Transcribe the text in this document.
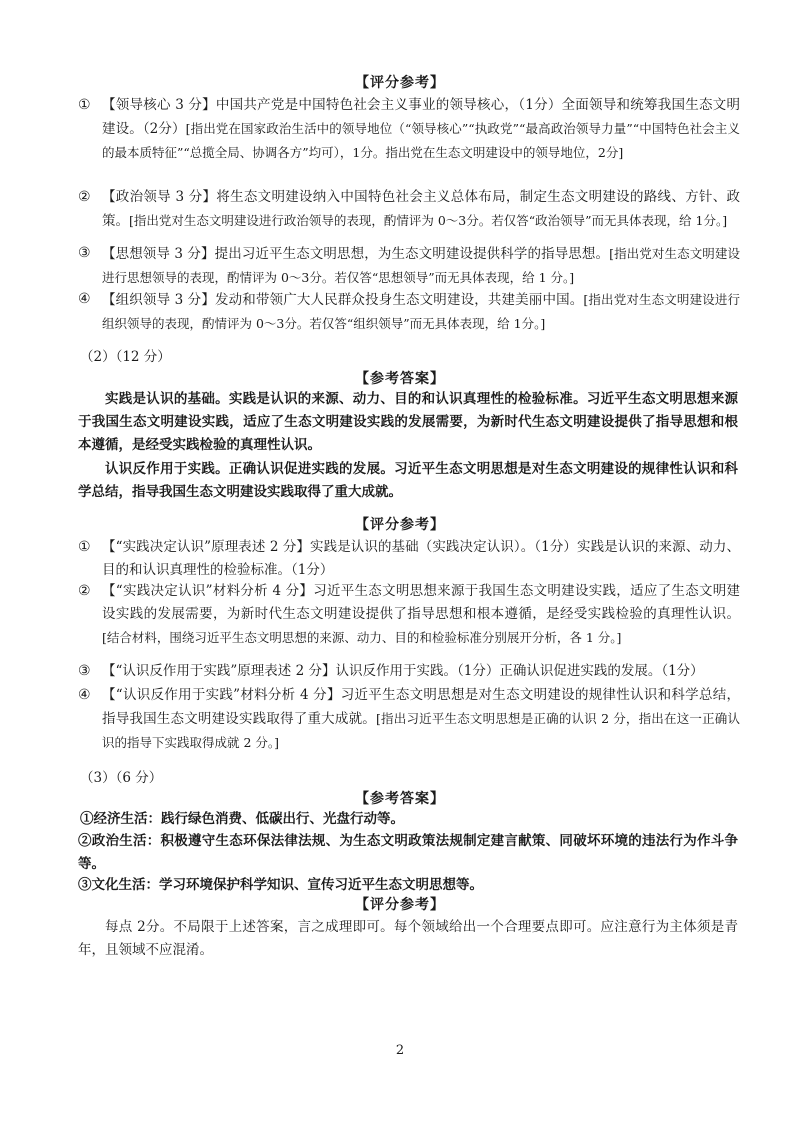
【评分参考】
① 【领导核心 3 分】中国共产党是中国特色社会主义事业的领导核心，（1分）全面领导和统筹我国生态文明建设。（2分）[指出党在国家政治生活中的领导地位（“领导核心”“执政党”“最高政治领导力量”“中国特色社会主义的最本质特征”“总揽全局、协调各方”均可），1分。指出党在生态文明建设中的领导地位，2分]
② 【政治领导 3 分】将生态文明建设纳入中国特色社会主义总体布局，制定生态文明建设的路线、方针、政策。[指出党对生态文明建设进行政治领导的表现，酌情评为 0～3分。若仅答“政治领导”而无具体表现，给 1分。]
③ 【思想领导 3 分】提出习近平生态文明思想，为生态文明建设提供科学的指导思想。[指出党对生态文明建设进行思想领导的表现，酌情评为 0～3分。若仅答“思想领导”而无具体表现，给 1 分。]
④ 【组织领导 3 分】发动和带领广大人民群众投身生态文明建设，共建美丽中国。[指出党对生态文明建设进行组织领导的表现，酌情评为 0～3分。若仅答“组织领导”而无具体表现，给 1分。]
（2）（12 分）
【参考答案】
实践是认识的基础。实践是认识的来源、动力、目的和认识真理性的检验标准。习近平生态文明思想来源于我国生态文明建设实践，适应了生态文明建设实践的发展需要，为新时代生态文明建设提供了指导思想和根本遵循，是经受实践检验的真理性认识。
认识反作用于实践。正确认识促进实践的发展。习近平生态文明思想是对生态文明建设的规律性认识和科学总结，指导我国生态文明建设实践取得了重大成就。
【评分参考】
① 【“实践决定认识”原理表述 2 分】实践是认识的基础（实践决定认识）。（1分）实践是认识的来源、动力、目的和认识真理性的检验标准。（1分）
② 【“实践决定认识”材料分析 4 分】习近平生态文明思想来源于我国生态文明建设实践，适应了生态文明建设实践的发展需要，为新时代生态文明建设提供了指导思想和根本遵循，是经受实践检验的真理性认识。[结合材料，围绕习近平生态文明思想的来源、动力、目的和检验标准分别展开分析，各 1 分。]
③ 【“认识反作用于实践”原理表述 2 分】认识反作用于实践。（1分）正确认识促进实践的发展。（1分）
④ 【“认识反作用于实践”材料分析 4 分】习近平生态文明思想是对生态文明建设的规律性认识和科学总结，指导我国生态文明建设实践取得了重大成就。[指出习近平生态文明思想是正确的认识 2 分，指出在这一正确认识的指导下实践取得成就 2 分。]
（3）（6 分）
【参考答案】
①经济生活：践行绿色消费、低碳出行、光盘行动等。
②政治生活：积极遵守生态环保法律法规、为生态文明政策法规制定建言献策、同破坏环境的违法行为作斗争等。
③文化生活：学习环境保护科学知识、宣传习近平生态文明思想等。
【评分参考】
每点 2分。不局限于上述答案，言之成理即可。每个领域给出一个合理要点即可。应注意行为主体须是青年，且领域不应混淆。
2
